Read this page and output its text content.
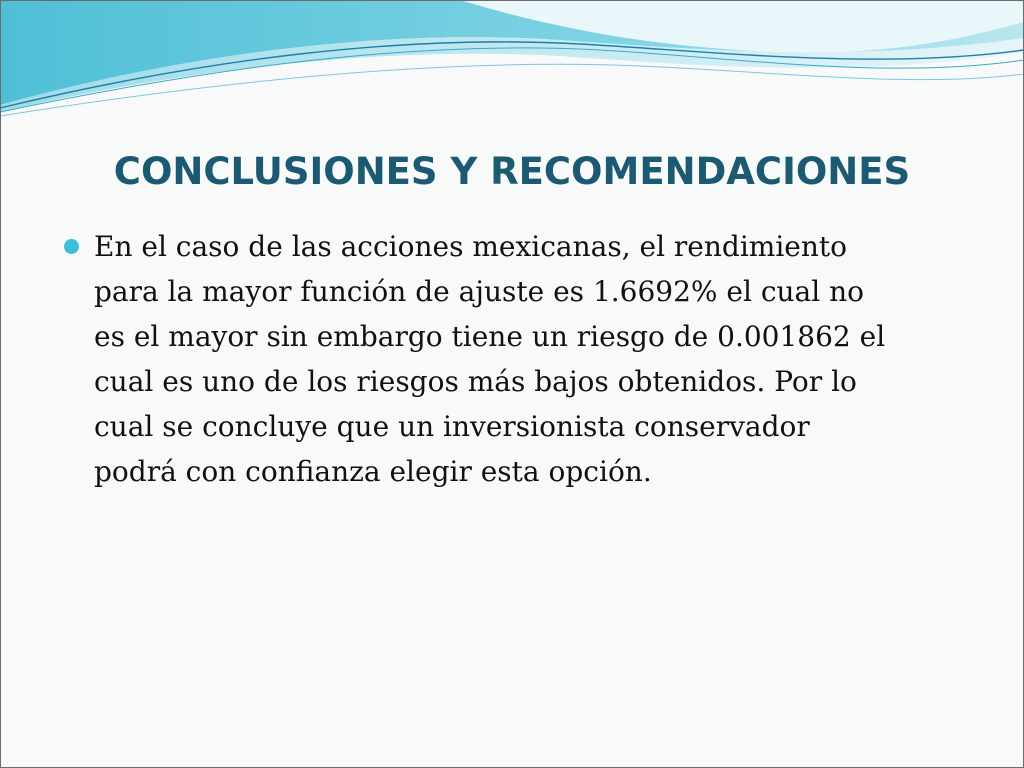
CONCLUSIONES Y RECOMENDACIONES
En el caso de las acciones mexicanas, el rendimiento
para la mayor función de ajuste es 1.6692% el cual no
es el mayor sin embargo tiene un riesgo de 0.001862 el
cual es uno de los riesgos más bajos obtenidos. Por lo
cual se concluye que un inversionista conservador
podrá con confianza elegir esta opción.
